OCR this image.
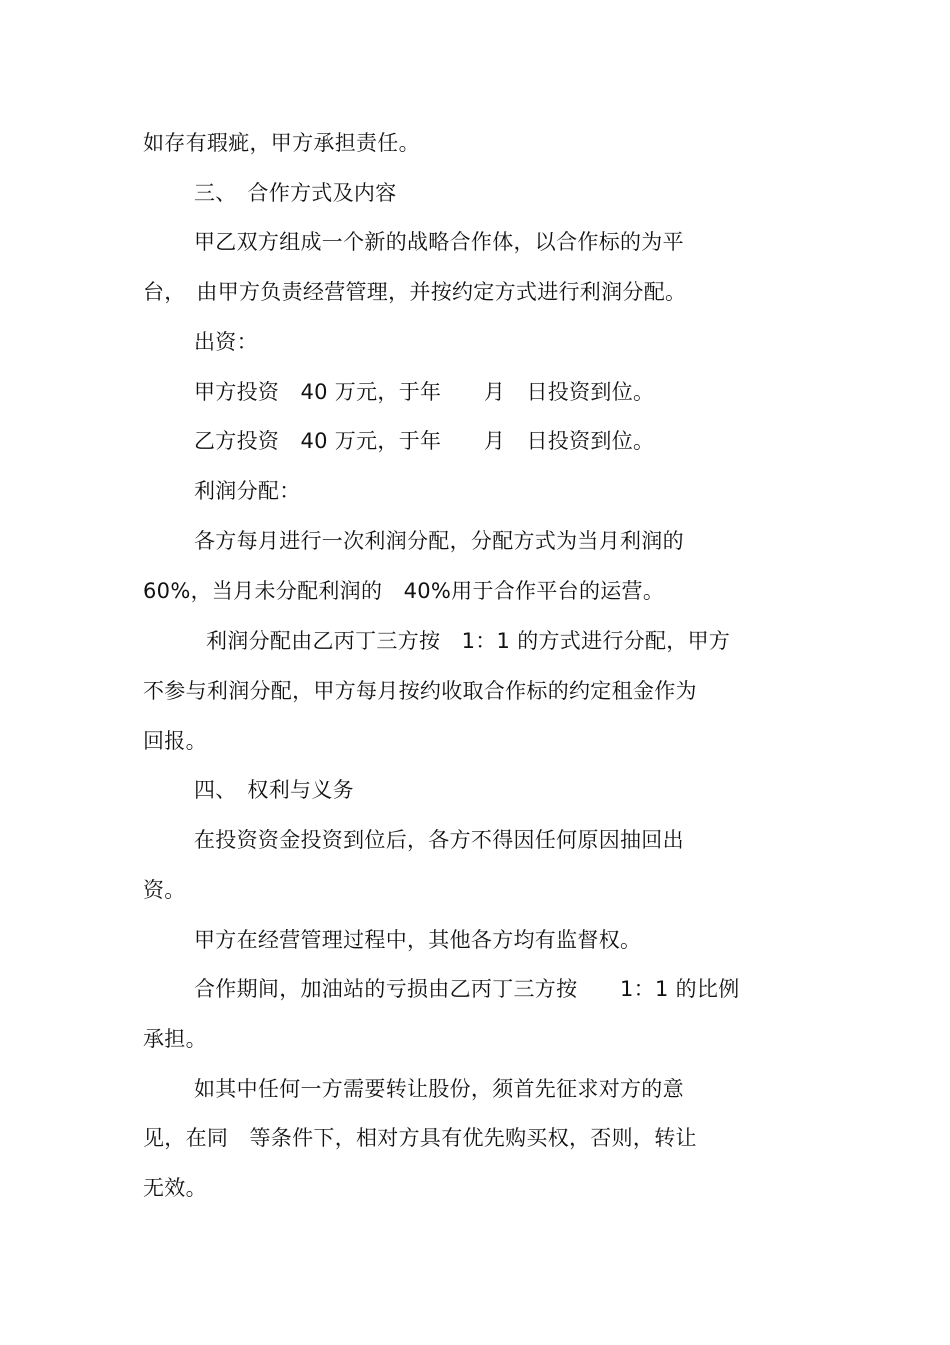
如存有瑕疵，甲方承担责任。
三、　合作方式及内容
甲乙双方组成一个新的战略合作体，以合作标的为平
台，　由甲方负责经营管理，并按约定方式进行利润分配。
出资：
甲方投资　40 万元，于年　　月　日投资到位。
乙方投资　40 万元，于年　　月　日投资到位。
利润分配：
各方每月进行一次利润分配，分配方式为当月利润的
60%，当月未分配利润的　40%用于合作平台的运营。
利润分配由乙丙丁三方按　1：1 的方式进行分配，甲方
不参与利润分配，甲方每月按约收取合作标的约定租金作为
回报。
四、　权利与义务
在投资资金投资到位后，各方不得因任何原因抽回出
资。
甲方在经营管理过程中，其他各方均有监督权。
合作期间，加油站的亏损由乙丙丁三方按　　1：1 的比例
承担。
如其中任何一方需要转让股份，须首先征求对方的意
见，在同　等条件下，相对方具有优先购买权，否则，转让
无效。
